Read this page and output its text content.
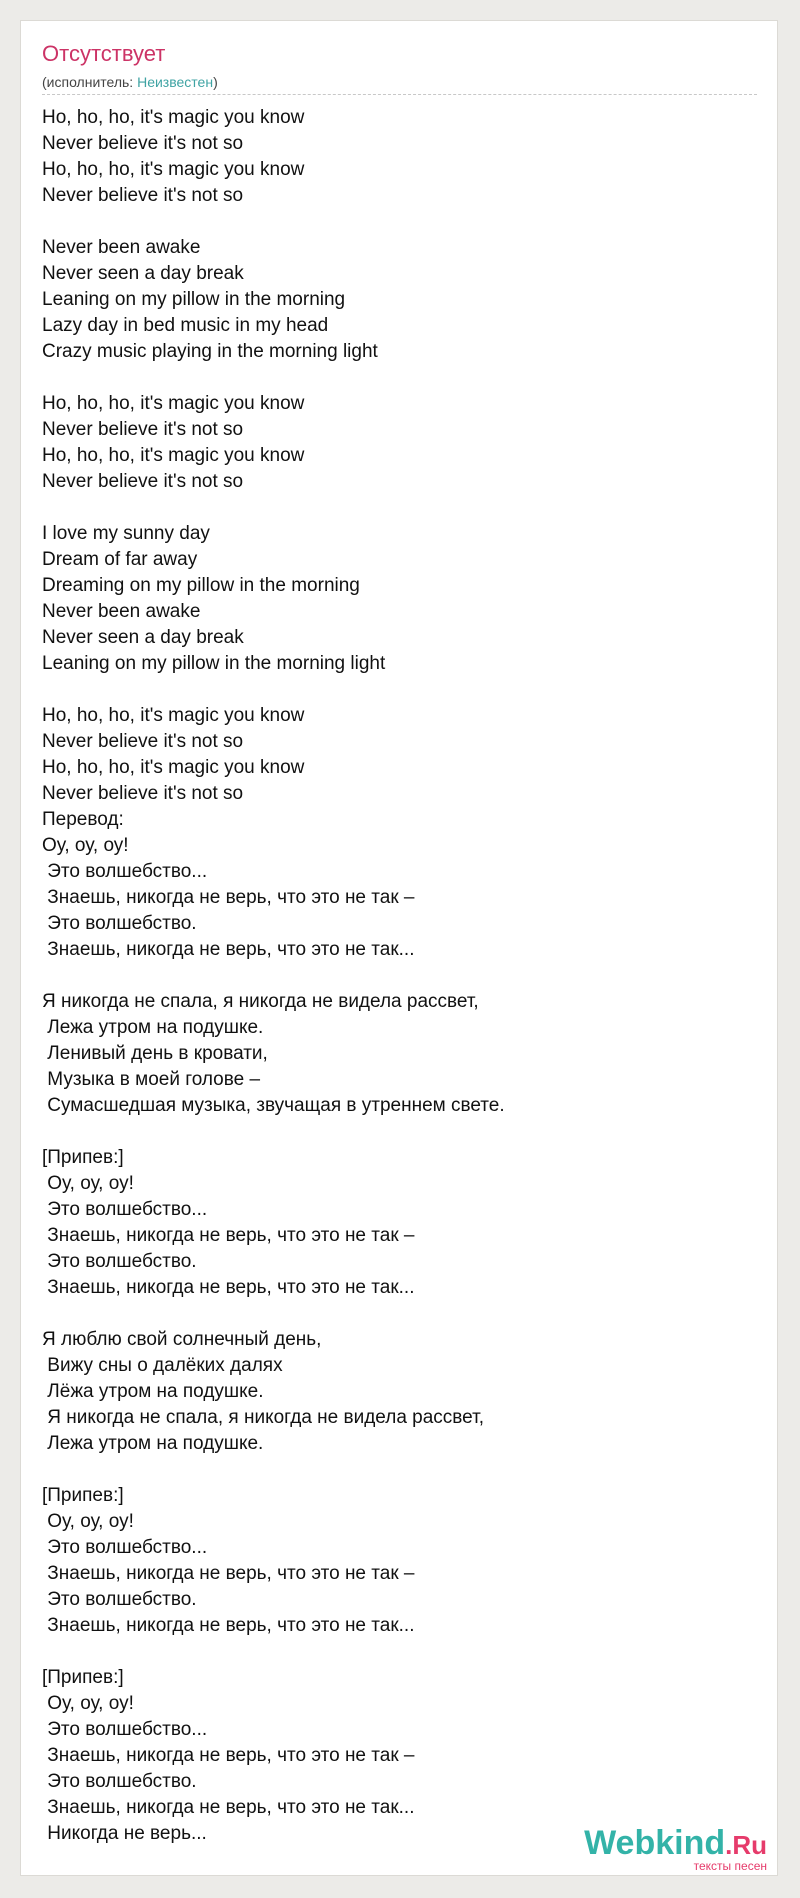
Отсутствует
(исполнитель: Неизвестен)
Ho, ho, ho, it's magic you know
Never believe it's not so
Ho, ho, ho, it's magic you know
Never believe it's not so
Never been awake
Never seen a day break
Leaning on my pillow in the morning
Lazy day in bed music in my head
Crazy music playing in the morning light
Ho, ho, ho, it's magic you know
Never believe it's not so
Ho, ho, ho, it's magic you know
Never believe it's not so
I love my sunny day
Dream of far away
Dreaming on my pillow in the morning
Never been awake
Never seen a day break
Leaning on my pillow in the morning light
Ho, ho, ho, it's magic you know
Never believe it's not so
Ho, ho, ho, it's magic you know
Never believe it's not so
Перевод:
Оу, оу, оу!
Это волшебство...
Знаешь, никогда не верь, что это не так –
Это волшебство.
Знаешь, никогда не верь, что это не так...
Я никогда не спала, я никогда не видела рассвет,
Лежа утром на подушке.
Ленивый день в кровати,
Музыка в моей голове –
Сумасшедшая музыка, звучащая в утреннем свете.
[Припев:]
Оу, оу, оу!
Это волшебство...
Знаешь, никогда не верь, что это не так –
Это волшебство.
Знаешь, никогда не верь, что это не так...
Я люблю свой солнечный день,
Вижу сны о далёких далях
Лёжа утром на подушке.
Я никогда не спала, я никогда не видела рассвет,
Лежа утром на подушке.
[Припев:]
Оу, оу, оу!
Это волшебство...
Знаешь, никогда не верь, что это не так –
Это волшебство.
Знаешь, никогда не верь, что это не так...
[Припев:]
Оу, оу, оу!
Это волшебство...
Знаешь, никогда не верь, что это не так –
Это волшебство.
Знаешь, никогда не верь, что это не так...
Никогда не верь...	Webkind.Ru
тексты песен
